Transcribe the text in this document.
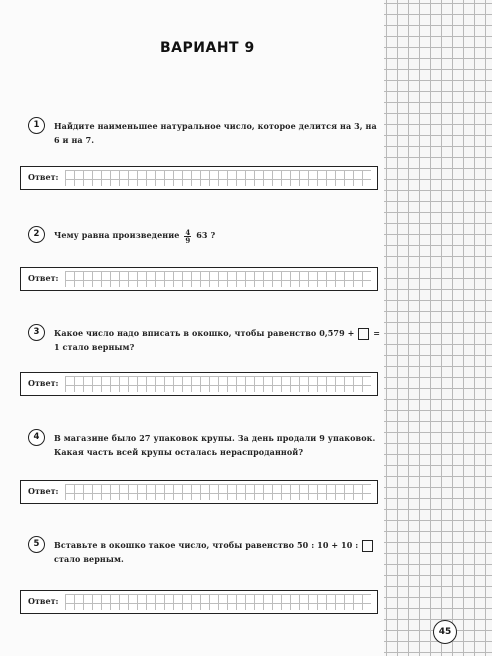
ВАРИАНТ 9
1	Найдите наименьшее натуральное число, которое делится на 3, на 6 и на 7.
Ответ:
2	Чему равна произведение $\frac{4}{9} 63$ ?
Ответ:
3	Какое число надо вписать в окошко, чтобы равенство 0,579 + = 1 стало верным?
Ответ:
4	В магазине было 27 упаковок крупы. За день продали 9 упаковок. Какая часть всей крупы осталась нераспроданной?
Ответ:
5	Вставьте в окошко такое число, чтобы равенство 50 : 10 + 10 :  стало верным.
Ответ:
45
